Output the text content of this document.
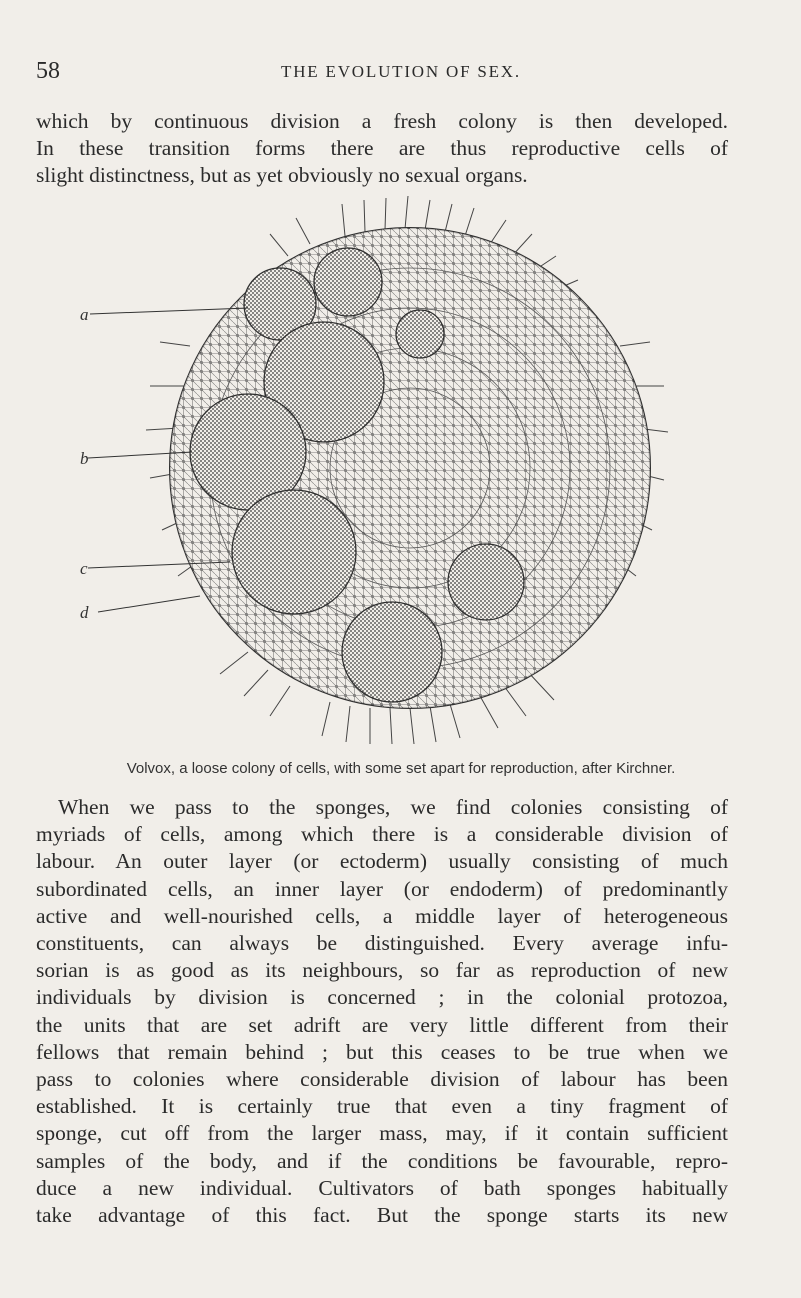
58	THE EVOLUTION OF SEX.
which by continuous division a fresh colony is then developed.
In these transition forms there are thus reproductive cells of
slight distinctness, but as yet obviously no sexual organs.
a
b
c
d
Volvox, a loose colony of cells, with some set apart for reproduction, after Kirchner.
When we pass to the sponges, we find colonies consisting of
myriads of cells, among which there is a considerable division of
labour. An outer layer (or ectoderm) usually consisting of much
subordinated cells, an inner layer (or endoderm) of predominantly
active and well-nourished cells, a middle layer of heterogeneous
constituents, can always be distinguished. Every average infu-
sorian is as good as its neighbours, so far as reproduction of new
individuals by division is concerned ; in the colonial protozoa,
the units that are set adrift are very little different from their
fellows that remain behind ; but this ceases to be true when we
pass to colonies where considerable division of labour has been
established. It is certainly true that even a tiny fragment of
sponge, cut off from the larger mass, may, if it contain sufficient
samples of the body, and if the conditions be favourable, repro-
duce a new individual. Cultivators of bath sponges habitually
take advantage of this fact. But the sponge starts its new
